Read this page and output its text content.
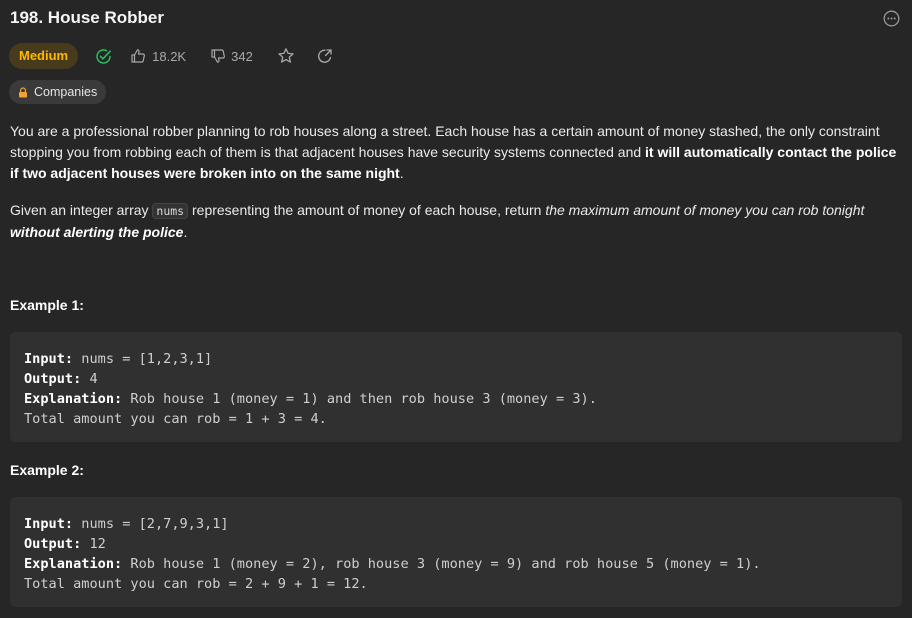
198. House Robber
Medium	18.2K	342
Companies
You are a professional robber planning to rob houses along a street. Each house has a certain amount of money stashed, the only constraint stopping you from robbing each of them is that adjacent houses have security systems connected and it will automatically contact the police if two adjacent houses were broken into on the same night.
Given an integer array nums representing the amount of money of each house, return the maximum amount of money you can rob tonight without alerting the police.
Example 1:
Input: nums = [1,2,3,1]
Output: 4
Explanation: Rob house 1 (money = 1) and then rob house 3 (money = 3).
Total amount you can rob = 1 + 3 = 4.
Example 2:
Input: nums = [2,7,9,3,1]
Output: 12
Explanation: Rob house 1 (money = 2), rob house 3 (money = 9) and rob house 5 (money = 1).
Total amount you can rob = 2 + 9 + 1 = 12.
